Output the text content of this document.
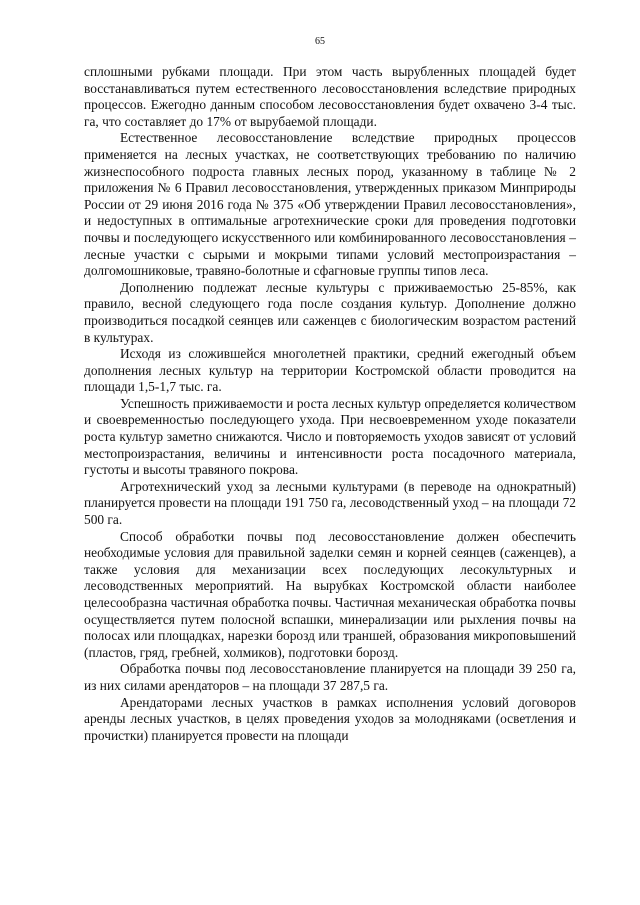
65

сплошными рубками площади. При этом часть вырубленных площадей будет восстанавливаться путем естественного лесовосстановления вследствие природных процессов. Ежегодно данным способом лесовосстановления будет охвачено 3-4 тыс. га, что составляет до 17% от вырубаемой площади.

Естественное лесовосстановление вследствие природных процессов применяется на лесных участках, не соответствующих требованию по наличию жизнеспособного подроста главных лесных пород, указанному в таблице № 2 приложения № 6 Правил лесовосстановления, утвержденных приказом Минприроды России от 29 июня 2016 года № 375 «Об утверждении Правил лесовосстановления», и недоступных в оптимальные агротехнические сроки для проведения подготовки почвы и последующего искусственного или комбинированного лесовосстановления – лесные участки с сырыми и мокрыми типами условий местопроизрастания – долгомошниковые, травяно-болотные и сфагновые группы типов леса.

Дополнению подлежат лесные культуры с приживаемостью 25-85%, как правило, весной следующего года после создания культур. Дополнение должно производиться посадкой сеянцев или саженцев с биологическим возрастом растений в культурах.

Исходя из сложившейся многолетней практики, средний ежегодный объем дополнения лесных культур на территории Костромской области проводится на площади 1,5-1,7 тыс. га.

Успешность приживаемости и роста лесных культур определяется количеством и своевременностью последующего ухода. При несвоевременном уходе показатели роста культур заметно снижаются. Число и повторяемость уходов зависят от условий местопроизрастания, величины и интенсивности роста посадочного материала, густоты и высоты травяного покрова.

Агротехнический уход за лесными культурами (в переводе на однократный) планируется провести на площади 191 750 га, лесоводственный уход – на площади 72 500 га.

Способ обработки почвы под лесовосстановление должен обеспечить необходимые условия для правильной заделки семян и корней сеянцев (саженцев), а также условия для механизации всех последующих лесокультурных и лесоводственных мероприятий. На вырубках Костромской области наиболее целесообразна частичная обработка почвы. Частичная механическая обработка почвы осуществляется путем полосной вспашки, минерализации или рыхления почвы на полосах или площадках, нарезки борозд или траншей, образования микроповышений (пластов, гряд, гребней, холмиков), подготовки борозд.

Обработка почвы под лесовосстановление планируется на площади 39 250 га, из них силами арендаторов – на площади 37 287,5 га.

Арендаторами лесных участков в рамках исполнения условий договоров аренды лесных участков, в целях проведения уходов за молодняками (осветления и прочистки) планируется провести на площади
